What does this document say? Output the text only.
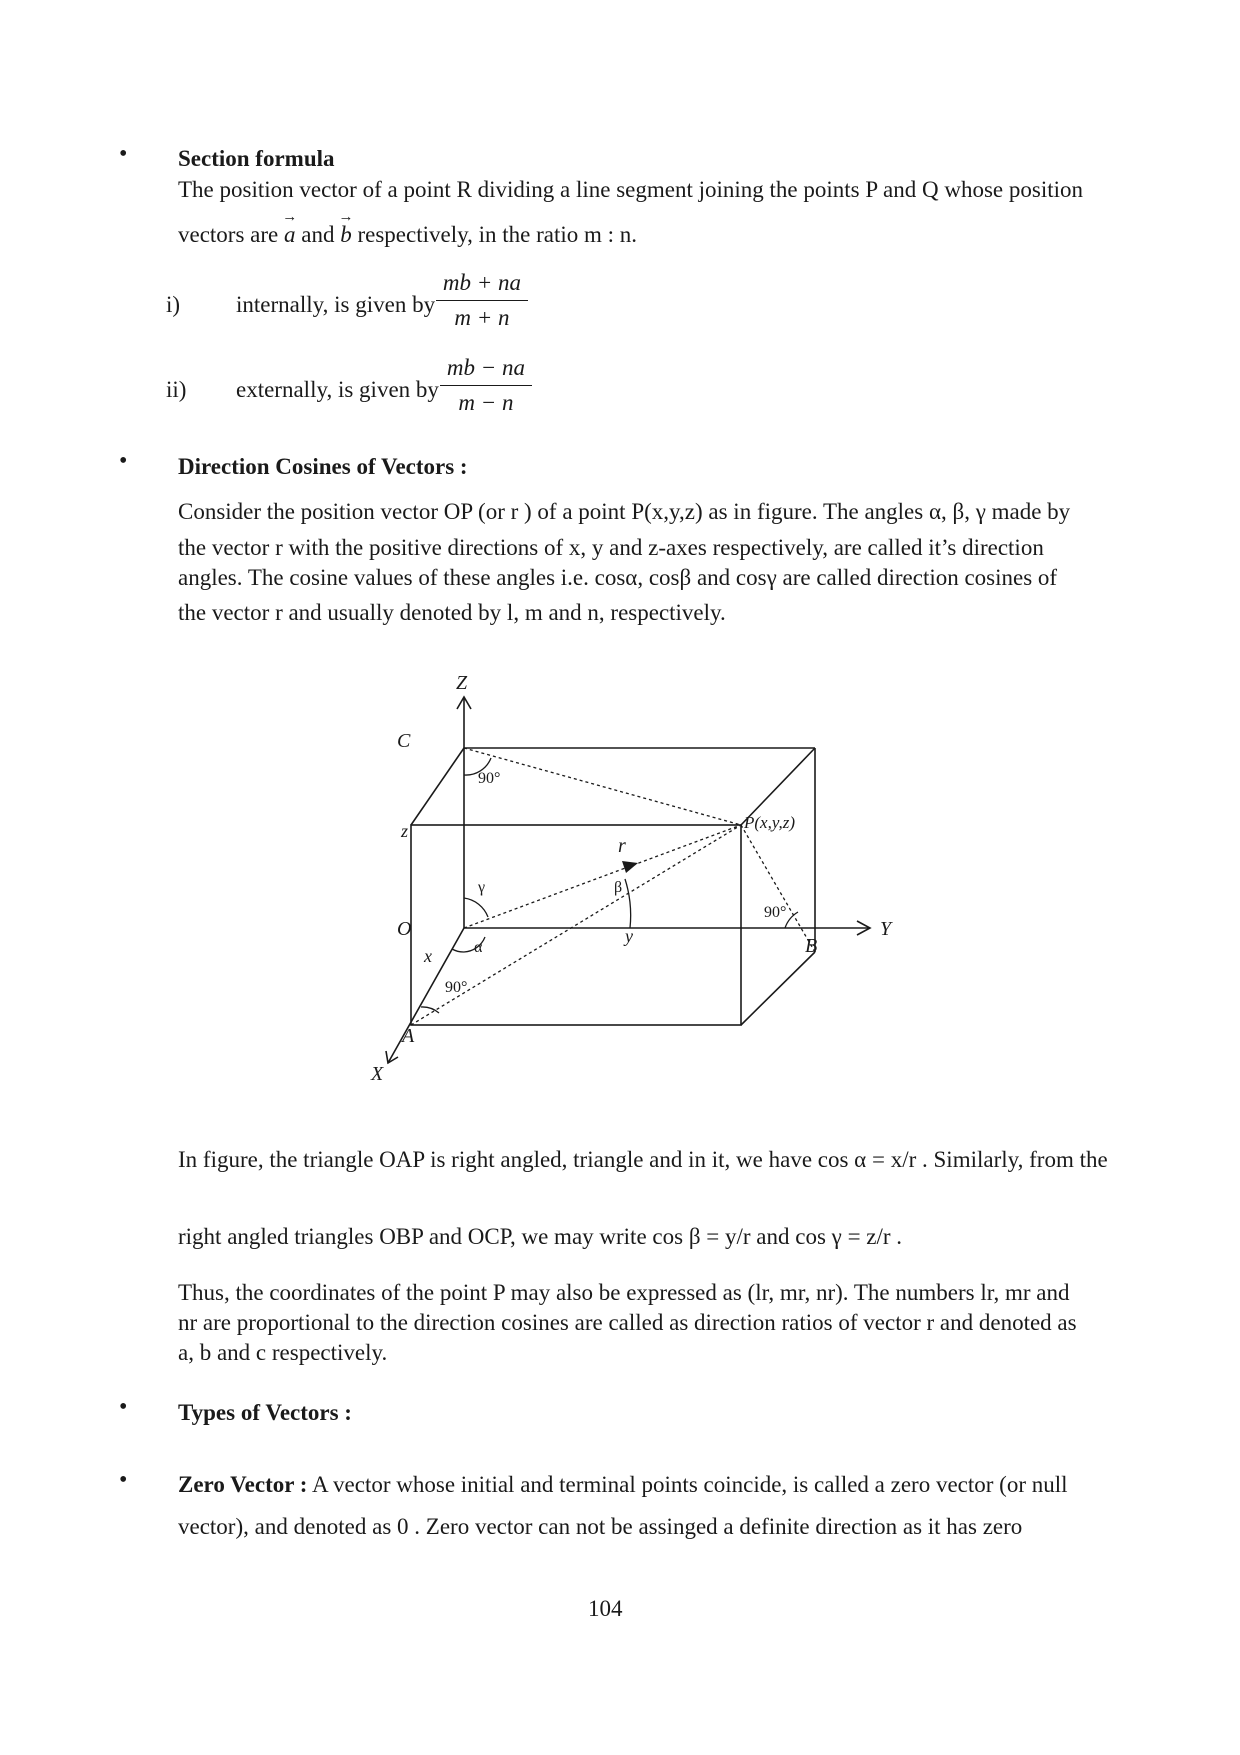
• Section formula
The position vector of a point R dividing a line segment joining the points P and Q whose position
vectors are → a and → b respectively, in the ratio m : n.
i) internally, is given by $\frac{mb + na}{m + n}$
ii) externally, is given by $\frac{mb - na}{m - n}$
• Direction Cosines of Vectors :
Consider the position vector OP (or r ) of a point P(x,y,z) as in figure. The angles α, β, γ made by
the vector r with the positive directions of x, y and z-axes respectively, are called it’s direction
angles. The cosine values of these angles i.e. cosα, cosβ and cosγ are called direction cosines of
the vector r and usually denoted by l, m and n, respectively.
Z
Y
X
C
O
A
B
P(x,y,z)
r
z
y
x
γ
α
β
90°
90°
90°
In figure, the triangle OAP is right angled, triangle and in it, we have cos α = x/r . Similarly, from the
right angled triangles OBP and OCP, we may write cos β = y/r and cos γ = z/r .
Thus, the coordinates of the point P may also be expressed as (lr, mr, nr). The numbers lr, mr and
nr are proportional to the direction cosines are called as direction ratios of vector r and denoted as
a, b and c respectively.
• Types of Vectors :
• Zero Vector : A vector whose initial and terminal points coincide, is called a zero vector (or null
vector), and denoted as 0 . Zero vector can not be assinged a definite direction as it has zero
104
